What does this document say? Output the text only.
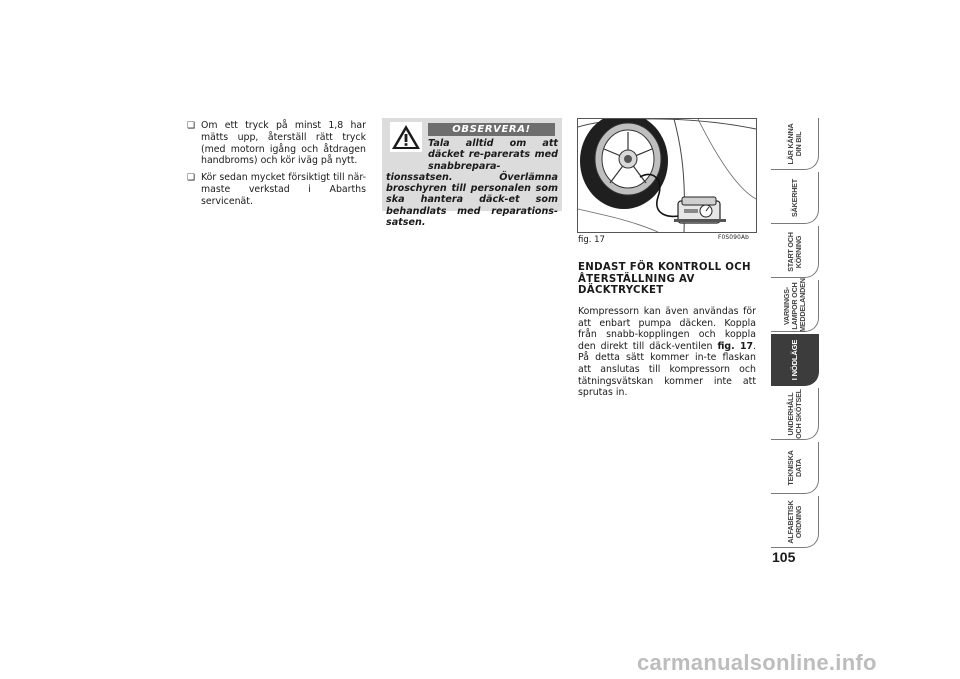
❑ Om ett tryck på minst 1,8 har mätts upp, återställ rätt tryck (med motorn igång och åtdragen handbroms) och kör iväg på nytt.
❑ Kör sedan mycket försiktigt till när-maste verkstad i Abarths servicenät.
OBSERVERA!
Tala alltid om att däcket re-parerats med snabbrepara-
tionssatsen. Överlämna broschyren till personalen som ska hantera däck-et som behandlats med reparations-satsen.
fig. 17	F0S090Ab
ENDAST FÖR KONTROLL OCH ÅTERSTÄLLNING AV DÄCKTRYCKET
Kompressorn kan även användas för att enbart pumpa däcken. Koppla från snabb-kopplingen och koppla den direkt till däck-ventilen fig. 17. På detta sätt kommer in-te flaskan att anslutas till kompressorn och tätningsvätskan kommer inte att sprutas in.
LÄR KÄNNA
DIN BIL
SÄKERHET
START OCH
KÖRNING
VARNINGS-
LAMPOR OCH
MEDDELANDEN
I NÖDLÄGE
UNDERHÅLL
OCH SKÖTSEL
TEKNISKA
DATA
ALFABETISK
ORDNING
105
carmanualsonline.info
